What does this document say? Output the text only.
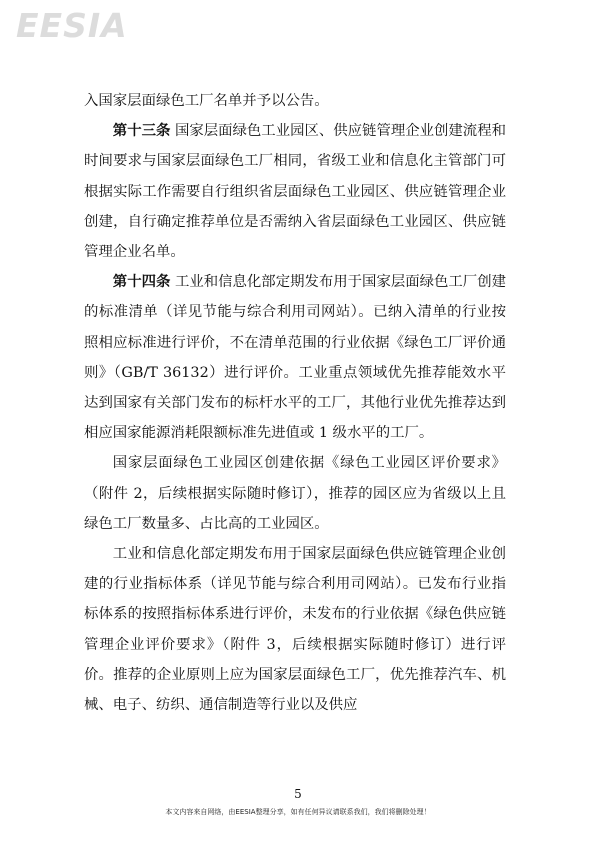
EESIA

入国家层面绿色工厂名单并予以公告。

第十三条 国家层面绿色工业园区、供应链管理企业创建流程和时间要求与国家层面绿色工厂相同，省级工业和信息化主管部门可根据实际工作需要自行组织省层面绿色工业园区、供应链管理企业创建，自行确定推荐单位是否需纳入省层面绿色工业园区、供应链管理企业名单。

第十四条 工业和信息化部定期发布用于国家层面绿色工厂创建的标准清单（详见节能与综合利用司网站）。已纳入清单的行业按照相应标准进行评价，不在清单范围的行业依据《绿色工厂评价通则》（GB/T 36132）进行评价。工业重点领域优先推荐能效水平达到国家有关部门发布的标杆水平的工厂，其他行业优先推荐达到相应国家能源消耗限额标准先进值或 1 级水平的工厂。

国家层面绿色工业园区创建依据《绿色工业园区评价要求》（附件 2，后续根据实际随时修订），推荐的园区应为省级以上且绿色工厂数量多、占比高的工业园区。

工业和信息化部定期发布用于国家层面绿色供应链管理企业创建的行业指标体系（详见节能与综合利用司网站）。已发布行业指标体系的按照指标体系进行评价，未发布的行业依据《绿色供应链管理企业评价要求》（附件 3，后续根据实际随时修订）进行评价。推荐的企业原则上应为国家层面绿色工厂，优先推荐汽车、机械、电子、纺织、通信制造等行业以及供应

5
本文内容来自网络，由EESIA整理分享，如有任何异议请联系我们，我们将删除处理！
